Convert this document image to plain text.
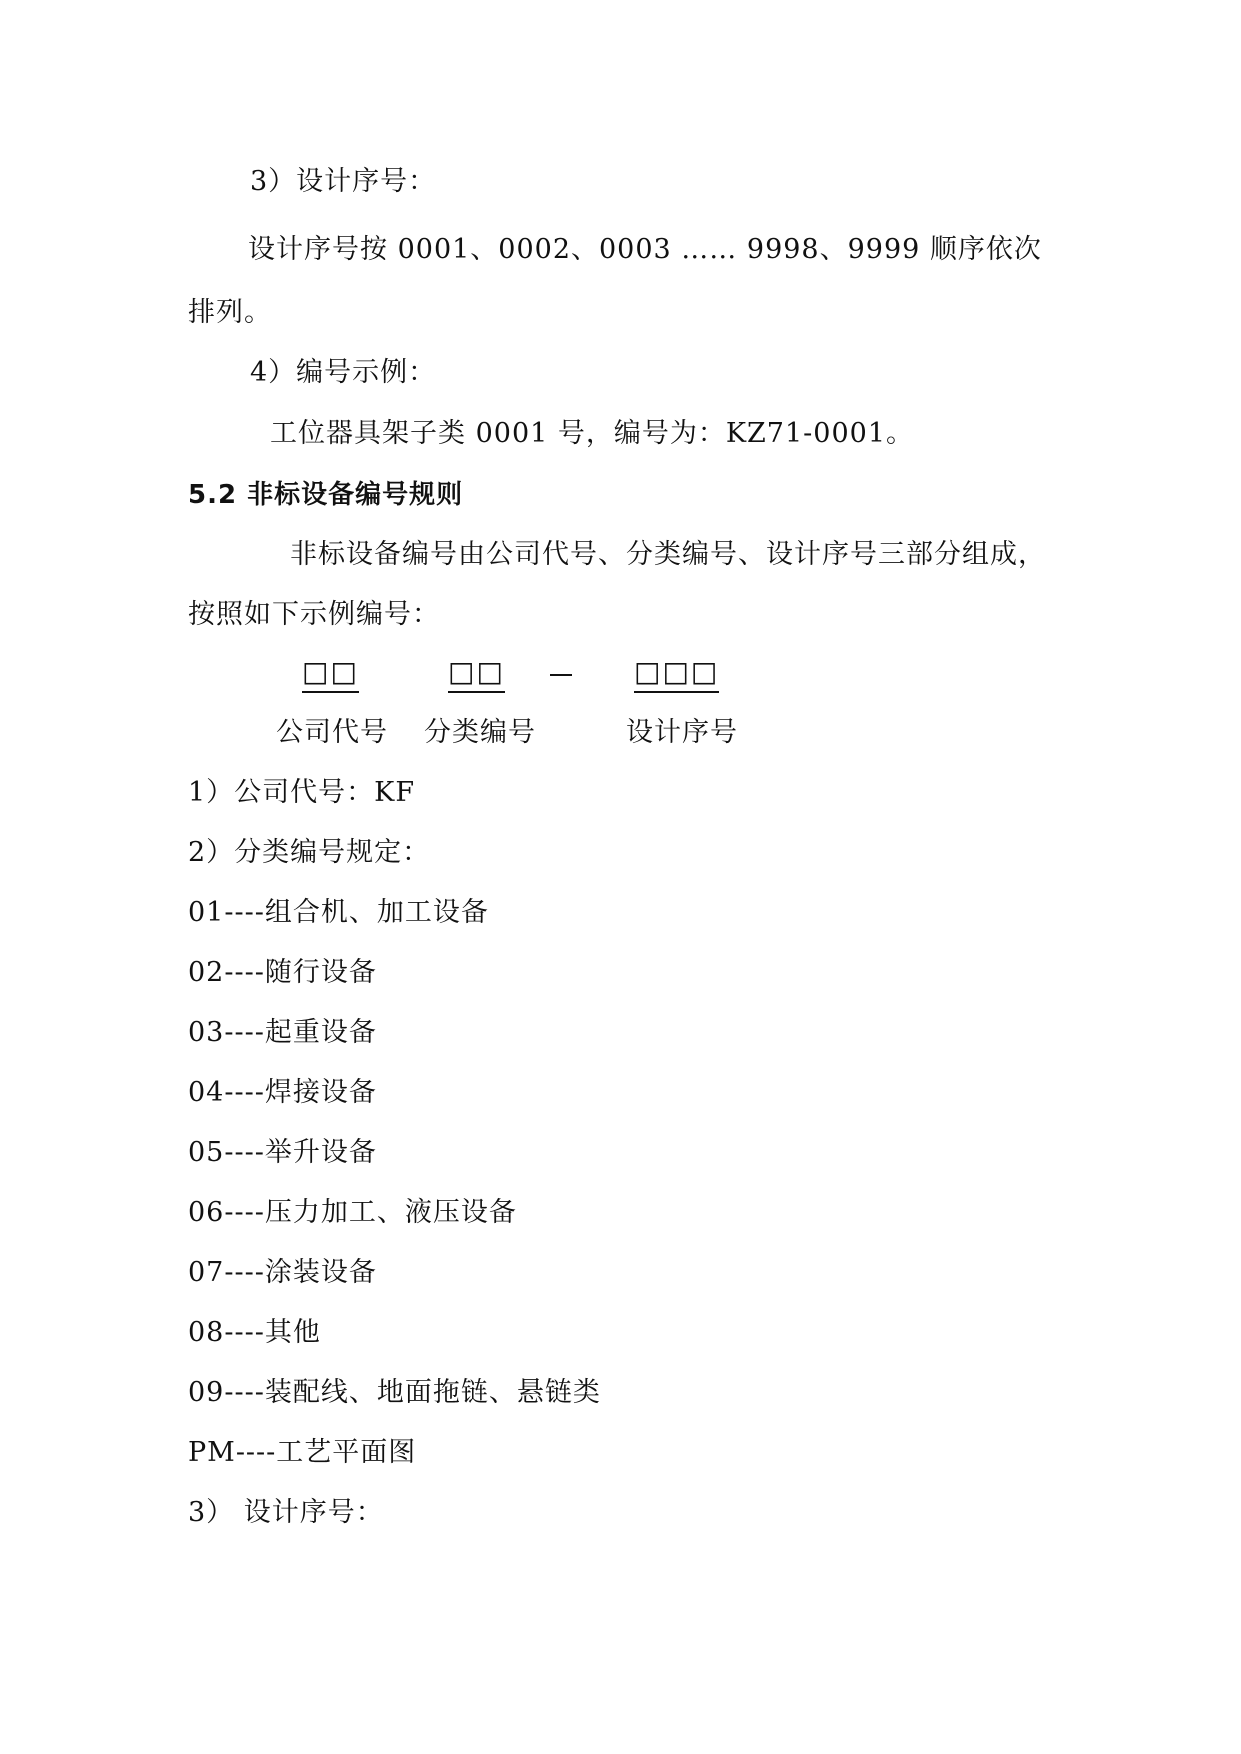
3）设计序号：
设计序号按 0001、0002、0003 …… 9998、9999 顺序依次
排列。
4）编号示例：
工位器具架子类 0001 号，编号为：KZ71-0001。
5.2 非标设备编号规则
非标设备编号由公司代号、分类编号、设计序号三部分组成，
按照如下示例编号：
□□	□□	□□□
公司代号 分类编号	设计序号
1）公司代号：KF
2）分类编号规定：
01----组合机、加工设备
02----随行设备
03----起重设备
04----焊接设备
05----举升设备
06----压力加工、液压设备
07----涂装设备
08----其他
09----装配线、地面拖链、悬链类
PM----工艺平面图
3） 设计序号：
